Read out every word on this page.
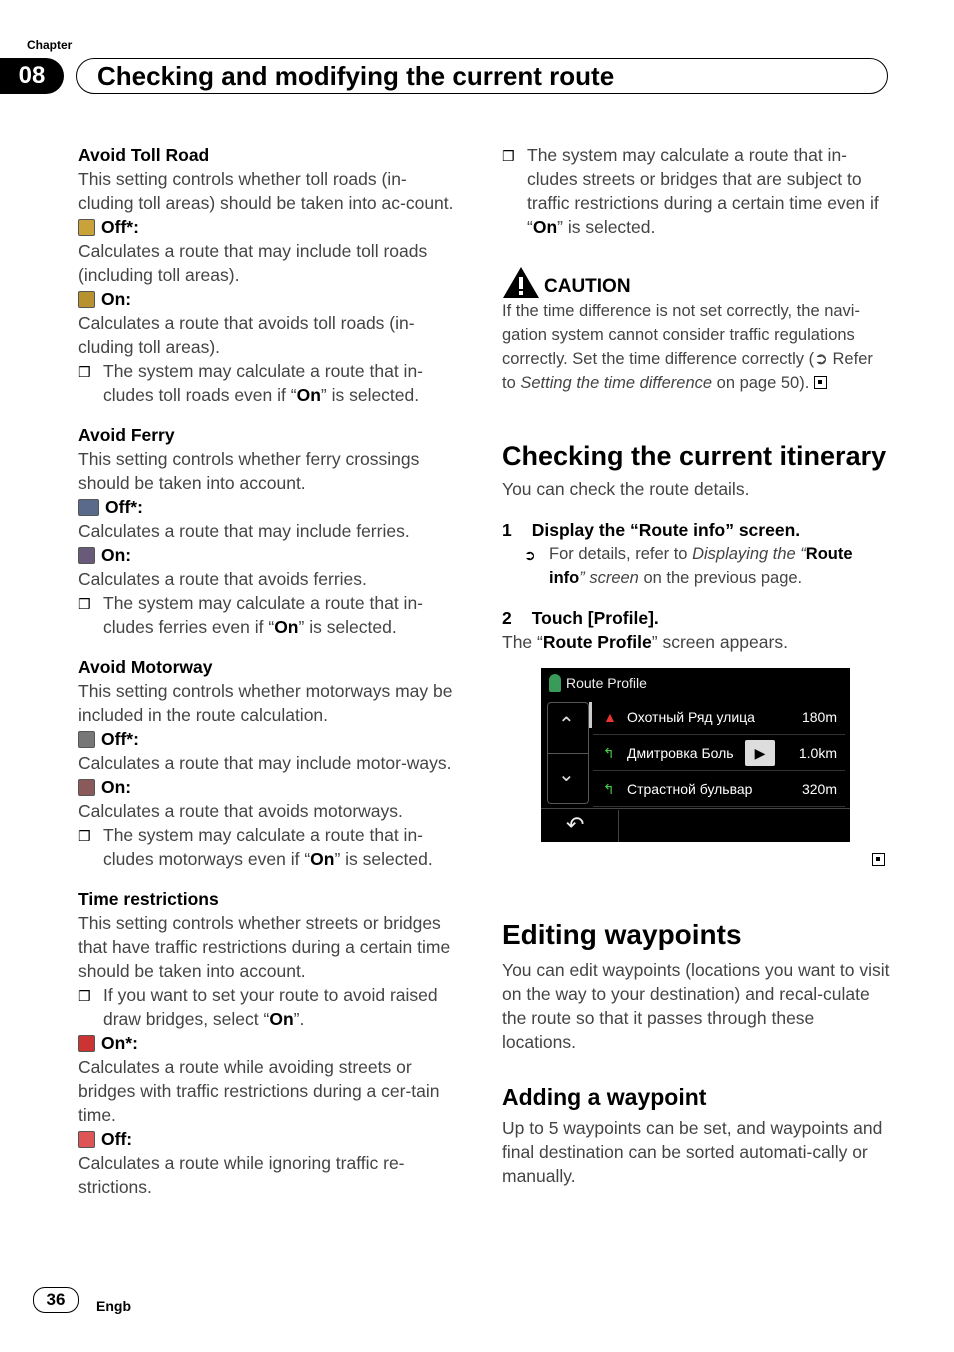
Chapter
08	Checking and modifying the current route

Avoid Toll Road

This setting controls whether toll roads (in-cluding toll areas) should be taken into ac-count.

Off*:

Calculates a route that may include toll roads (including toll areas).

On:

Calculates a route that avoids toll roads (in-cluding toll areas).

❒ The system may calculate a route that in-cludes toll roads even if “On” is selected.

Avoid Ferry

This setting controls whether ferry crossings should be taken into account.

Off*:

Calculates a route that may include ferries.

On:

Calculates a route that avoids ferries.

❒ The system may calculate a route that in-cludes ferries even if “On” is selected.

Avoid Motorway

This setting controls whether motorways may be included in the route calculation.

Off*:

Calculates a route that may include motor-ways.

On:

Calculates a route that avoids motorways.

❒ The system may calculate a route that in-cludes motorways even if “On” is selected.

Time restrictions

This setting controls whether streets or bridges that have traffic restrictions during a certain time should be taken into account.

❒ If you want to set your route to avoid raised draw bridges, select “On”.
On*:

Calculates a route while avoiding streets or bridges with traffic restrictions during a cer-tain time.

Off:

Calculates a route while ignoring traffic re-strictions.

❒ The system may calculate a route that in-cludes streets or bridges that are subject to traffic restrictions during a certain time even if “On” is selected.
CAUTION

If the time difference is not set correctly, the navi-gation system cannot consider traffic regulations correctly. Set the time difference correctly (➲ Refer to Setting the time difference on page 50).

Checking the current itinerary

You can check the route details.

1 Display the “Route info” screen.

➲ For details, refer to Displaying the “Route info” screen on the previous page.

2 Touch [Profile].

The “Route Profile” screen appears.

Route Profile
⌃
⌄
▲ Охотный Ряд улица	180m
↰ Дмитровка Боль	▶	1.0km
↰ Страстной бульвар	320m
↶

Editing waypoints

You can edit waypoints (locations you want to visit on the way to your destination) and recal-culate the route so that it passes through these locations.

Adding a waypoint

Up to 5 waypoints can be set, and waypoints and final destination can be sorted automati-cally or manually.

36	Engb
